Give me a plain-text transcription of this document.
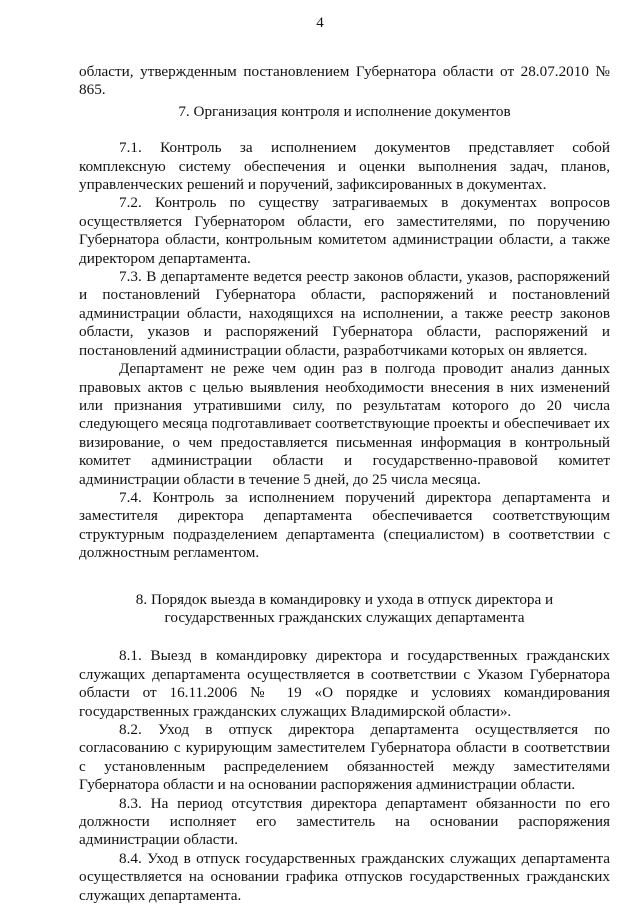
4

области, утвержденным постановлением Губернатора области от 28.07.2010 № 865.

7. Организация контроля и исполнение документов

7.1. Контроль за исполнением документов представляет собой комплексную систему обеспечения и оценки выполнения задач, планов, управленческих решений и поручений, зафиксированных в документах.

7.2. Контроль по существу затрагиваемых в документах вопросов осуществляется Губернатором области, его заместителями, по поручению Губернатора области, контрольным комитетом администрации области, а также директором департамента.

7.3. В департаменте ведется реестр законов области, указов, распоряжений и постановлений Губернатора области, распоряжений и постановлений администрации области, находящихся на исполнении, а также реестр законов области, указов и распоряжений Губернатора области, распоряжений и постановлений администрации области, разработчиками которых он является.

Департамент не реже чем один раз в полгода проводит анализ данных правовых актов с целью выявления необходимости внесения в них изменений или признания утратившими силу, по результатам которого до 20 числа следующего месяца подготавливает соответствующие проекты и обеспечивает их визирование, о чем предоставляется письменная информация в контрольный комитет администрации области и государственно-правовой комитет администрации области в течение 5 дней, до 25 числа месяца.

7.4. Контроль за исполнением поручений директора департамента и заместителя директора департамента обеспечивается соответствующим структурным подразделением департамента (специалистом) в соответствии с должностным регламентом.

8. Порядок выезда в командировку и ухода в отпуск директора и
государственных гражданских служащих департамента

8.1. Выезд в командировку директора и государственных гражданских служащих департамента осуществляется в соответствии с Указом Губернатора области от 16.11.2006 № 19 «О порядке и условиях командирования государственных гражданских служащих Владимирской области».

8.2. Уход в отпуск директора департамента осуществляется по согласованию с курирующим заместителем Губернатора области в соответствии с установленным распределением обязанностей между заместителями Губернатора области и на основании распоряжения администрации области.

8.3. На период отсутствия директора департамент обязанности по его должности исполняет его заместитель на основании распоряжения администрации области.

8.4. Уход в отпуск государственных гражданских служащих департамента осуществляется на основании графика отпусков государственных гражданских служащих департамента.
